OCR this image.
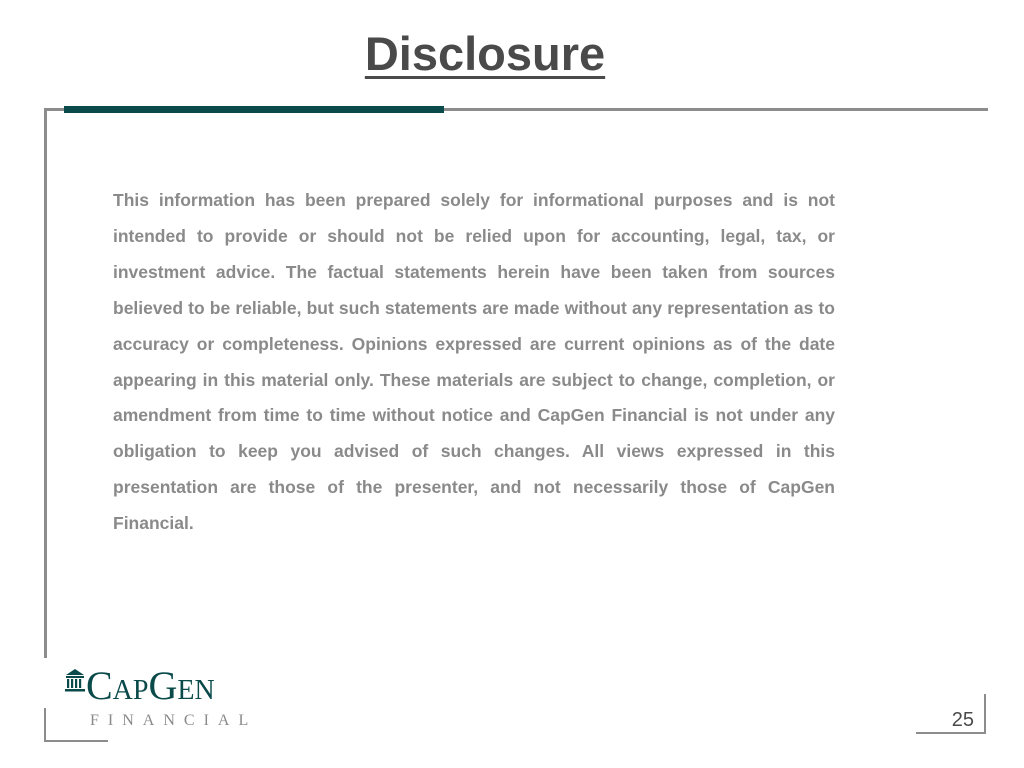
Disclosure

This information has been prepared solely for informational purposes and is not intended to provide or should not be relied upon for accounting, legal, tax, or investment advice. The factual statements herein have been taken from sources believed to be reliable, but such statements are made without any representation as to accuracy or completeness. Opinions expressed are current opinions as of the date appearing in this material only. These materials are subject to change, completion, or amendment from time to time without notice and CapGen Financial is not under any obligation to keep you advised of such changes. All views expressed in this presentation are those of the presenter, and not necessarily those of CapGen Financial.

CapGen
FINANCIAL	25
